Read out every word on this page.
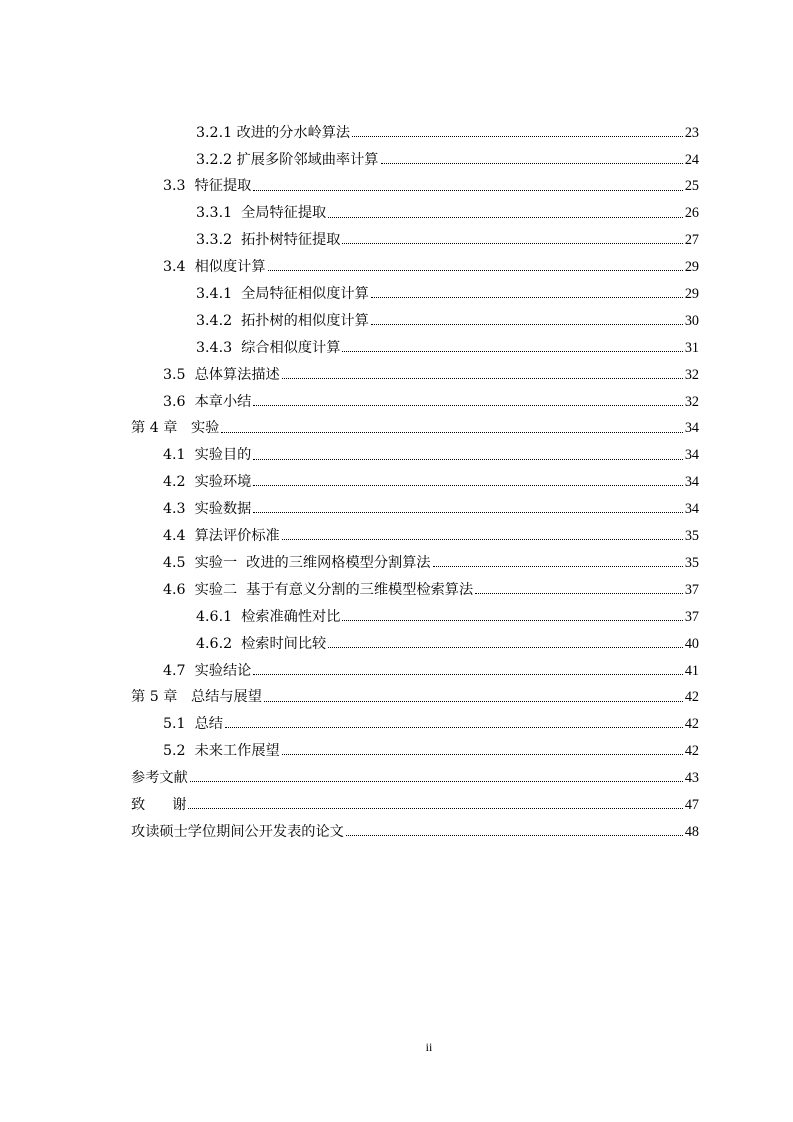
3.2.1 改进的分水岭算法	23
3.2.2 扩展多阶邻域曲率计算	24
3.3  特征提取	25
3.3.1  全局特征提取	26
3.3.2  拓扑树特征提取	27
3.4  相似度计算	29
3.4.1  全局特征相似度计算	29
3.4.2  拓扑树的相似度计算	30
3.4.3  综合相似度计算	31
3.5  总体算法描述	32
3.6  本章小结	32
第 4 章   实验	34
4.1  实验目的	34
4.2  实验环境	34
4.3  实验数据	34
4.4  算法评价标准	35
4.5  实验一  改进的三维网格模型分割算法	35
4.6  实验二  基于有意义分割的三维模型检索算法	37
4.6.1  检索准确性对比	37
4.6.2  检索时间比较	40
4.7  实验结论	41
第 5 章   总结与展望	42
5.1  总结	42
5.2  未来工作展望	42
参考文献	43
致      谢	47
攻读硕士学位期间公开发表的论文	48
ii
